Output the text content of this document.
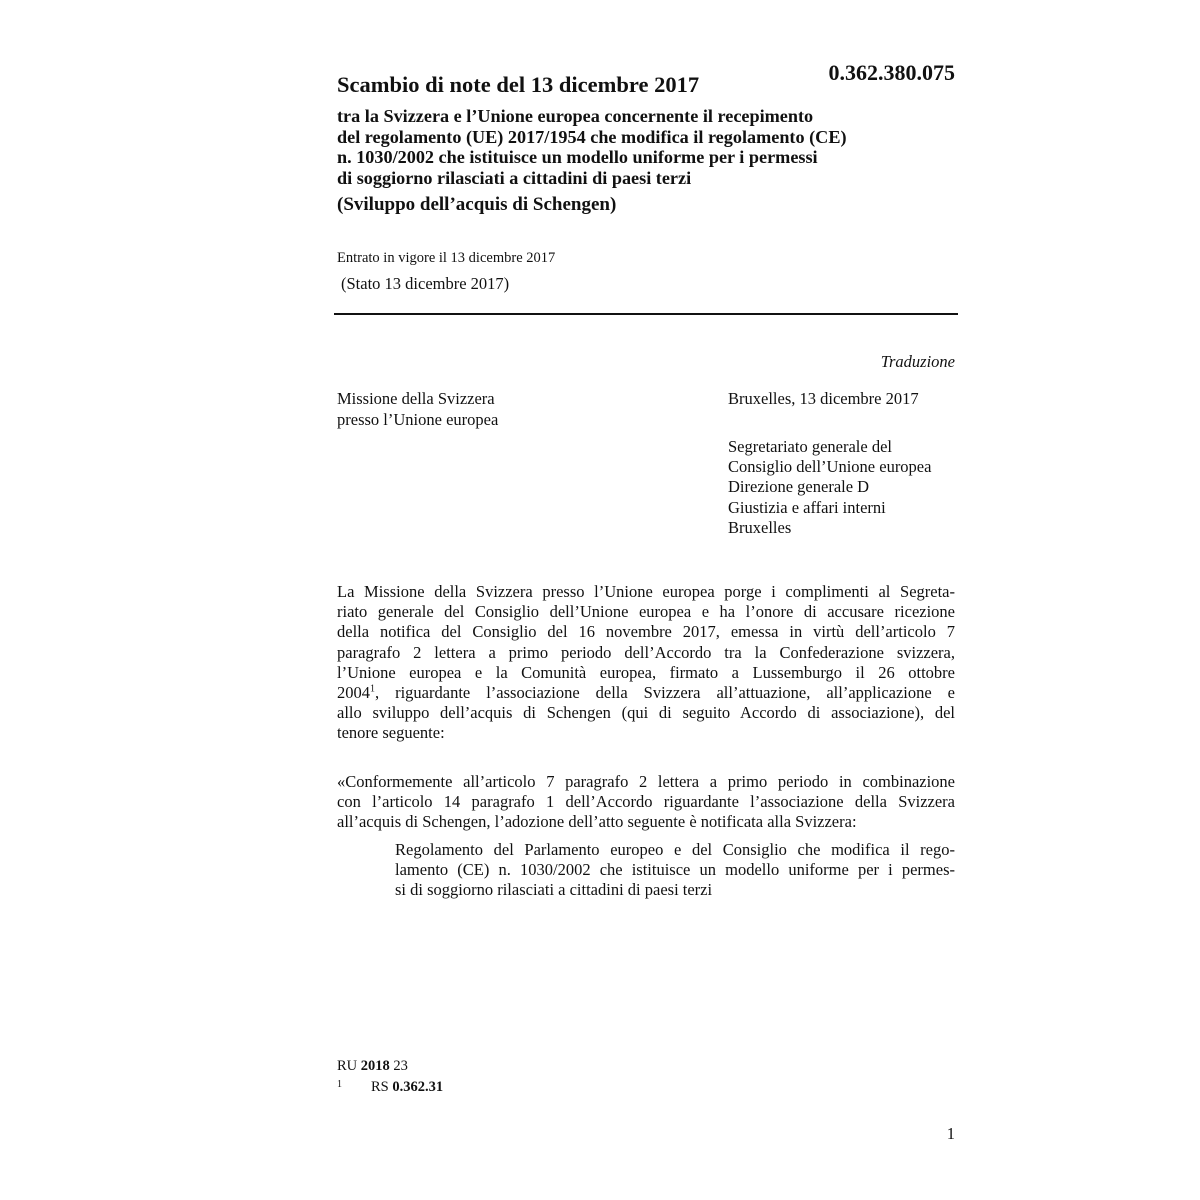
Scambio di note del 13 dicembre 2017	0.362.380.075
tra la Svizzera e l’Unione europea concernente il recepimento
del regolamento (UE) 2017/1954 che modifica il regolamento (CE)
n. 1030/2002 che istituisce un modello uniforme per i permessi
di soggiorno rilasciati a cittadini di paesi terzi
(Sviluppo dell’acquis di Schengen)
Entrato in vigore il 13 dicembre 2017
(Stato 13 dicembre 2017)
Traduzione
Missione della Svizzera
presso l’Unione europea
Bruxelles, 13 dicembre 2017
Segretariato generale del
Consiglio dell’Unione europea
Direzione generale D
Giustizia e affari interni
Bruxelles
La Missione della Svizzera presso l’Unione europea porge i complimenti al Segreta-
riato generale del Consiglio dell’Unione europea e ha l’onore di accusare ricezione
della notifica del Consiglio del 16 novembre 2017, emessa in virtù dell’articolo 7
paragrafo 2 lettera a primo periodo dell’Accordo tra la Confederazione svizzera,
l’Unione europea e la Comunità europea, firmato a Lussemburgo il 26 ottobre
2004$^1$, riguardante l’associazione della Svizzera all’attuazione, all’applicazione e
allo sviluppo dell’acquis di Schengen (qui di seguito Accordo di associazione), del
tenore seguente:
«Conformemente all’articolo 7 paragrafo 2 lettera a primo periodo in combinazione
con l’articolo 14 paragrafo 1 dell’Accordo riguardante l’associazione della Svizzera
all’acquis di Schengen, l’adozione dell’atto seguente è notificata alla Svizzera:
Regolamento del Parlamento europeo e del Consiglio che modifica il rego-
lamento (CE) n. 1030/2002 che istituisce un modello uniforme per i permes-
si di soggiorno rilasciati a cittadini di paesi terzi
RU 2018 23
1 RS 0.362.31
1
